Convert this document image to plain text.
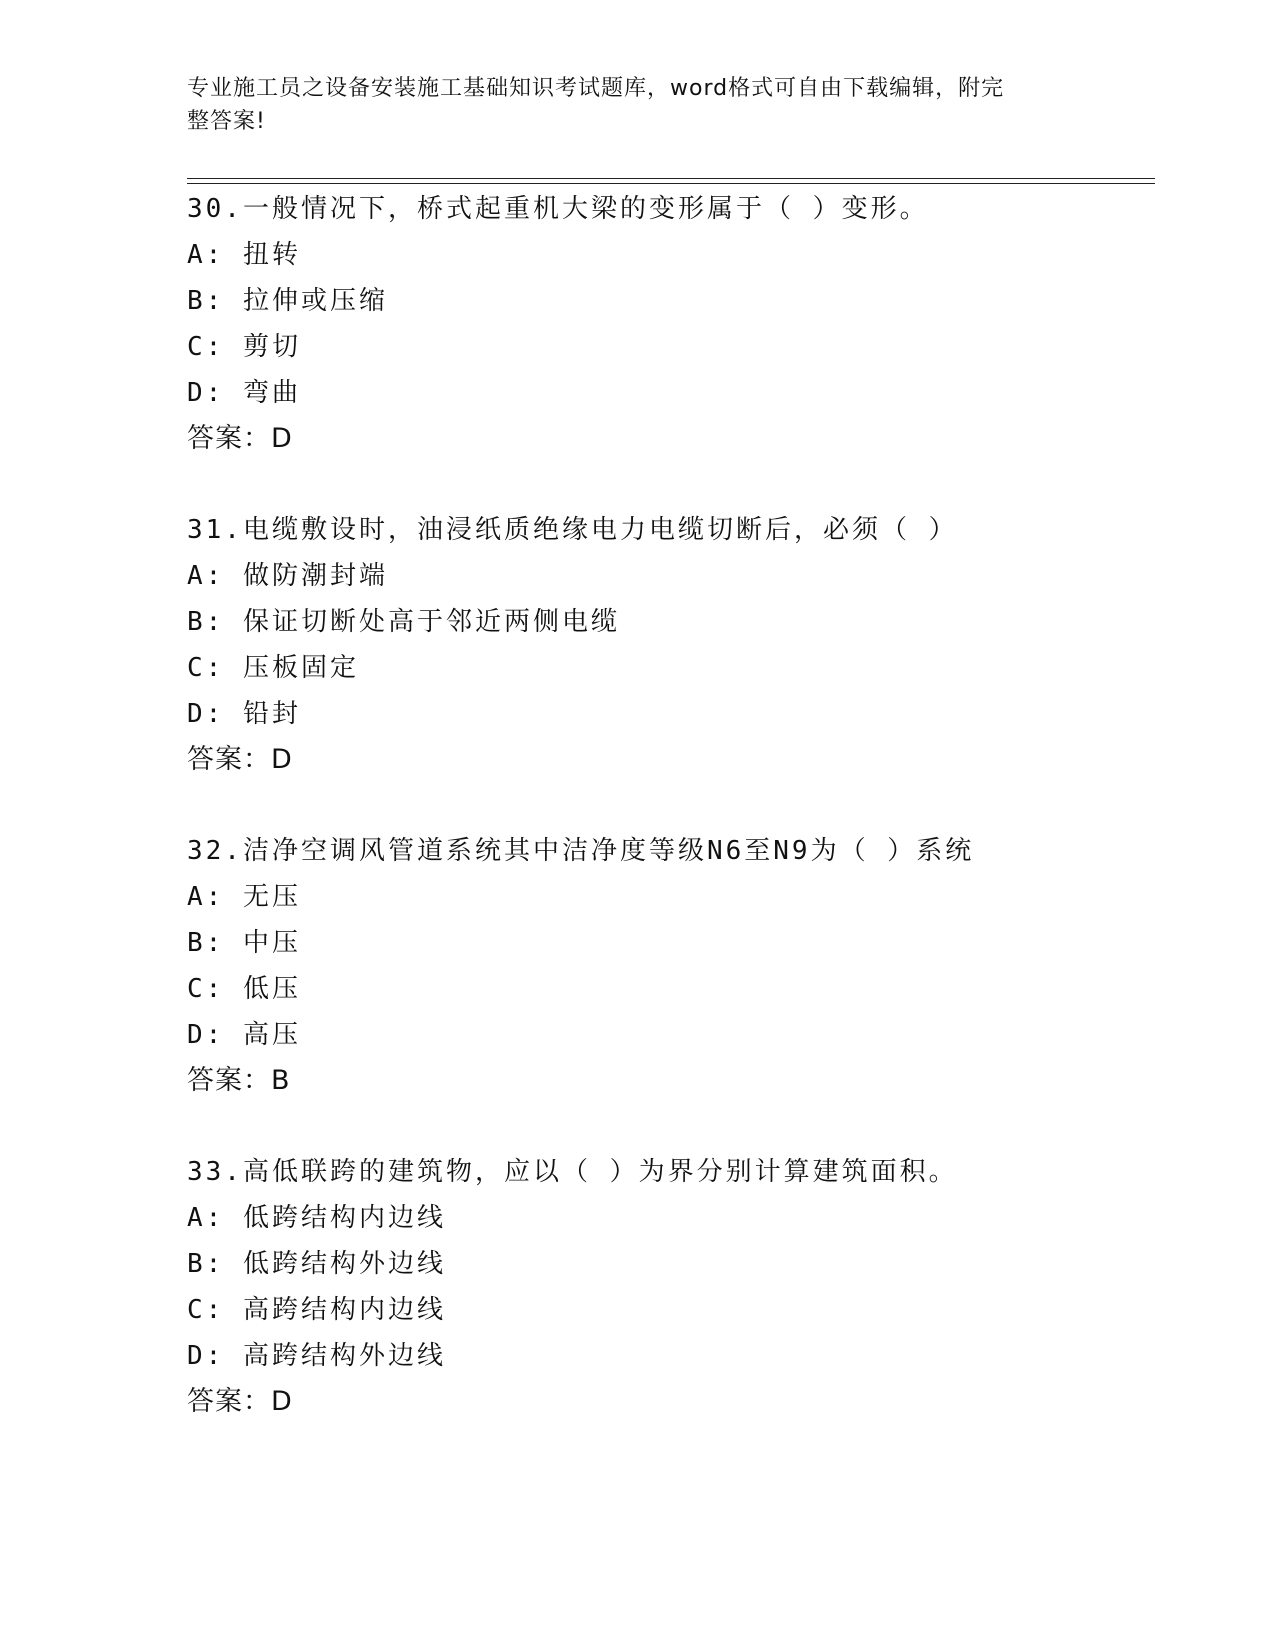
专业施工员之设备安装施工基础知识考试题库，word格式可自由下载编辑，附完
整答案!
30.一般情况下，桥式起重机大梁的变形属于（ ）变形。
A: 扭转
B: 拉伸或压缩
C: 剪切
D: 弯曲
答案：D
31.电缆敷设时，油浸纸质绝缘电力电缆切断后，必须（ ）
A: 做防潮封端
B: 保证切断处高于邻近两侧电缆
C: 压板固定
D: 铅封
答案：D
32.洁净空调风管道系统其中洁净度等级N6至N9为（ ）系统
A: 无压
B: 中压
C: 低压
D: 高压
答案：B
33.高低联跨的建筑物，应以（ ）为界分别计算建筑面积。
A: 低跨结构内边线
B: 低跨结构外边线
C: 高跨结构内边线
D: 高跨结构外边线
答案：D
